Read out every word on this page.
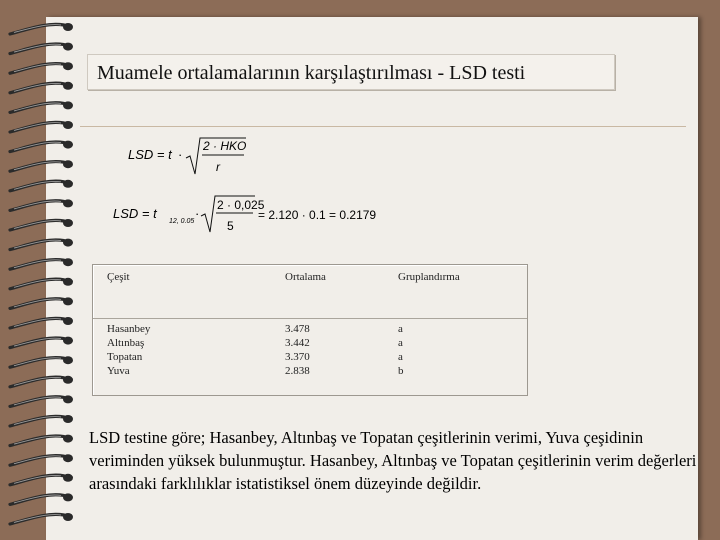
Muamele ortalamalarının karşılaştırılması - LSD testi
LSD = t ·
2 · HKO
r
LSD = t
12, 0.05
·
2 · 0,025
5
= 2.120 · 0.1 = 0.2179
Çeşit	Ortalama	Gruplandırma
Hasanbey
Altınbaş
Topatan
Yuva
3.478
3.442
3.370
2.838
a
a
a
b
LSD testine göre; Hasanbey, Altınbaş ve Topatan çeşitlerinin verimi, Yuva çeşidinin veriminden yüksek bulunmuştur. Hasanbey, Altınbaş ve Topatan çeşitlerinin verim değerleri arasındaki farklılıklar istatistiksel önem düzeyinde değildir.
